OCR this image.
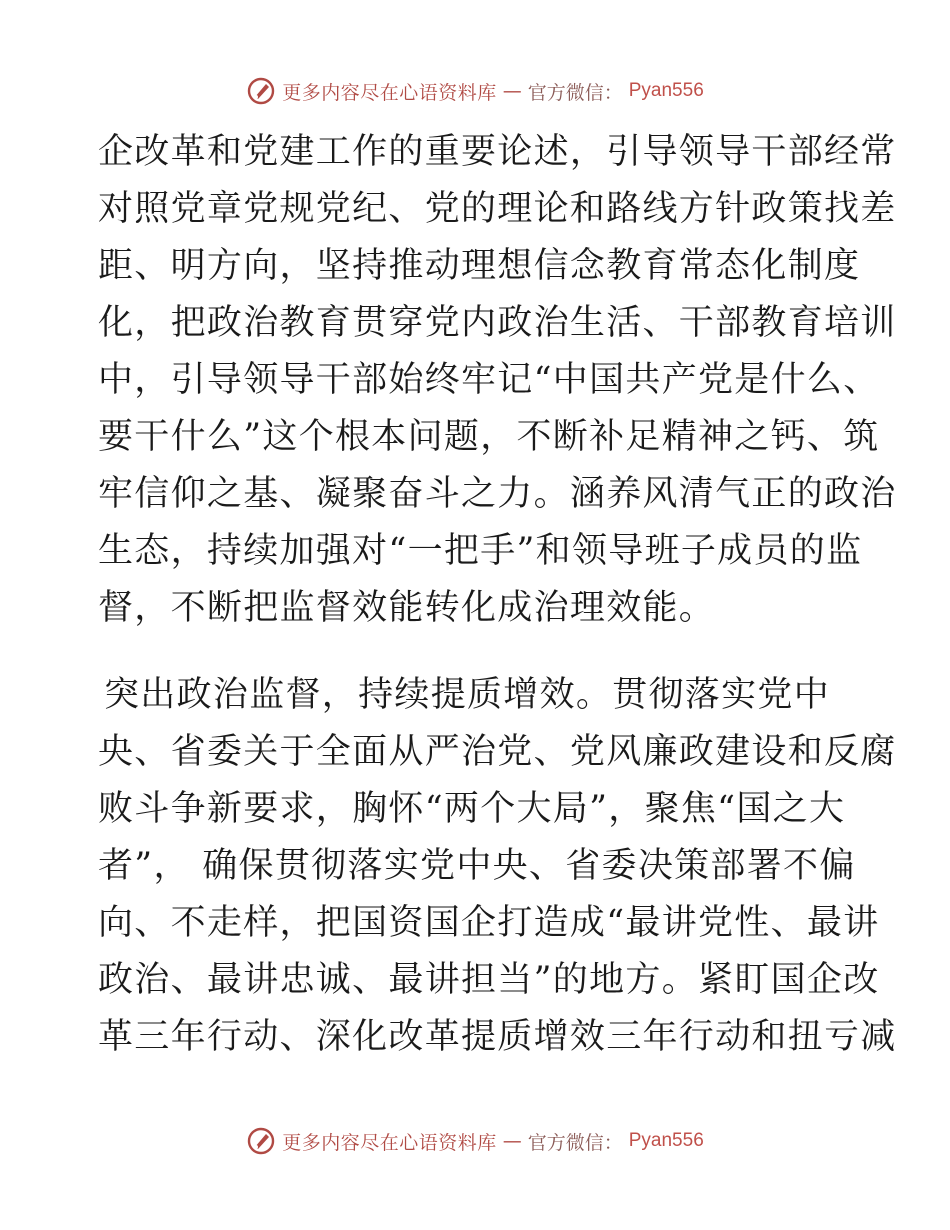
更多内容尽在心语资料库 — 官方微信： Pyan556
企改革和党建工作的重要论述，引导领导干部经常
对照党章党规党纪、党的理论和路线方针政策找差
距、明方向，坚持推动理想信念教育常态化制度
化，把政治教育贯穿党内政治生活、干部教育培训
中，引导领导干部始终牢记“中国共产党是什么、
要干什么”这个根本问题，不断补足精神之钙、筑
牢信仰之基、凝聚奋斗之力。涵养风清气正的政治
生态，持续加强对“一把手”和领导班子成员的监
督，不断把监督效能转化成治理效能。
突出政治监督，持续提质增效。贯彻落实党中
央、省委关于全面从严治党、党风廉政建设和反腐
败斗争新要求，胸怀“两个大局”，聚焦“国之大
者”， 确保贯彻落实党中央、省委决策部署不偏
向、不走样，把国资国企打造成“最讲党性、最讲
政治、最讲忠诚、最讲担当”的地方。紧盯国企改
革三年行动、深化改革提质增效三年行动和扭亏减
更多内容尽在心语资料库 — 官方微信： Pyan556
